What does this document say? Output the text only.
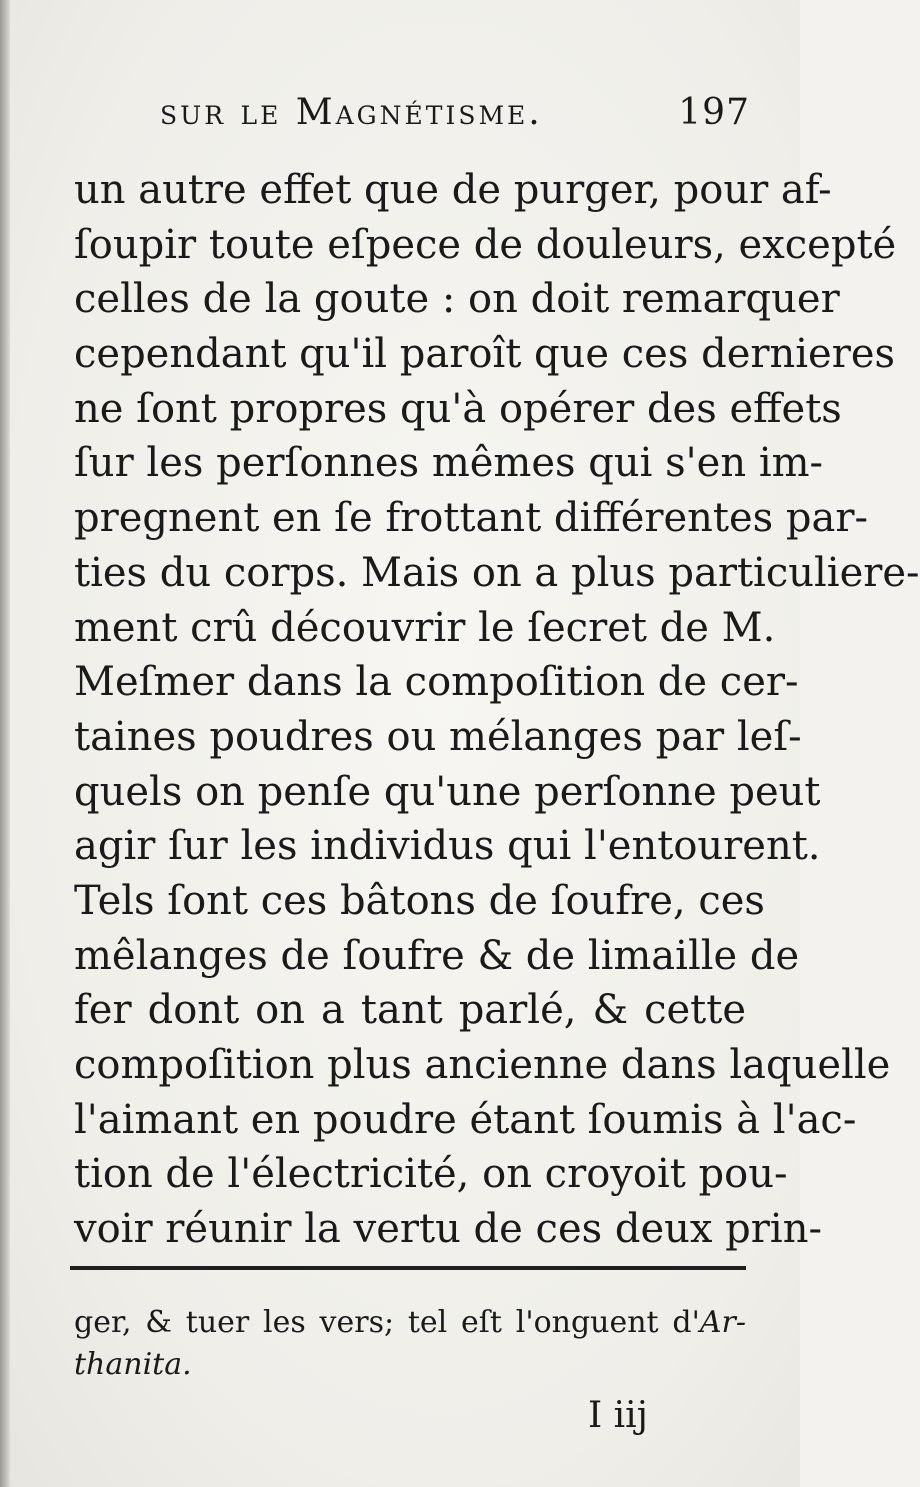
sur le Magnétisme.	197
un autre effet que de purger, pour af-
ſoupir toute eſpece de douleurs, excepté
celles de la goute : on doit remarquer
cependant qu'il paroît que ces dernieres
ne ſont propres qu'à opérer des effets
ſur les perſonnes mêmes qui s'en im-
pregnent en ſe frottant différentes par-
ties du corps. Mais on a plus particuliere-
ment crû découvrir le ſecret de M.
Meſmer dans la compoſition de cer-
taines poudres ou mélanges par leſ-
quels on penſe qu'une perſonne peut
agir ſur les individus qui l'entourent.
Tels ſont ces bâtons de ſoufre, ces
mêlanges de ſoufre & de limaille de
fer dont on a tant parlé, & cette
compoſition plus ancienne dans laquelle
l'aimant en poudre étant ſoumis à l'ac-
tion de l'électricité, on croyoit pou-
voir réunir la vertu de ces deux prin-
ger, & tuer les vers; tel eſt l'onguent d'Ar-
thanita.
I iij
